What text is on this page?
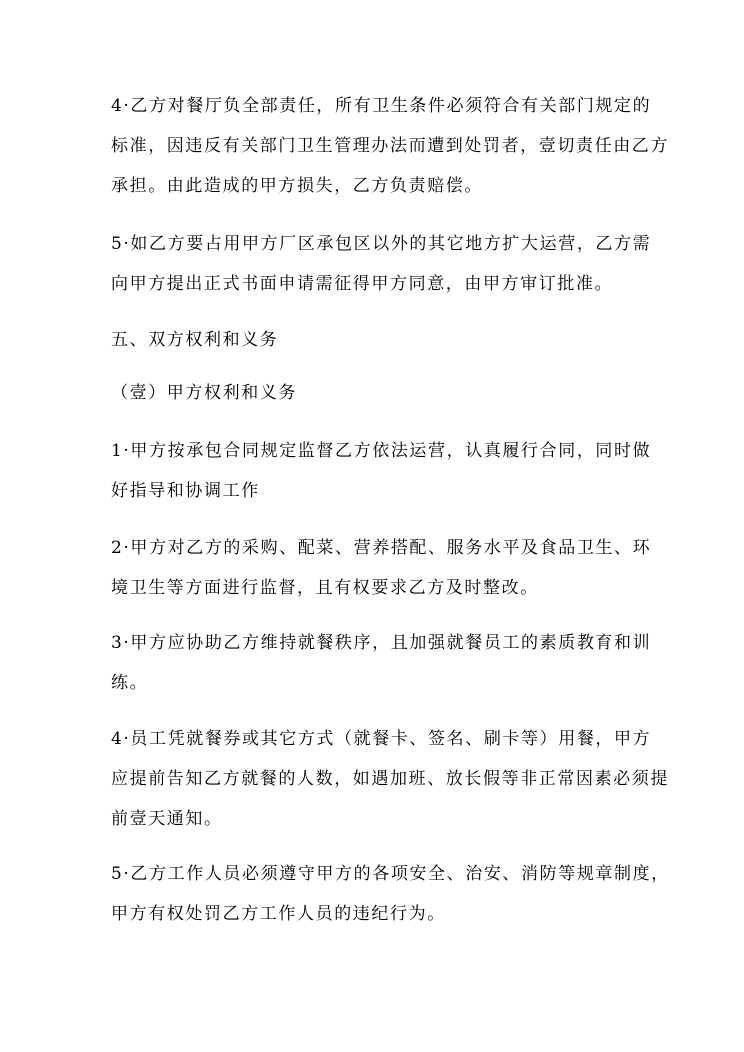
4·乙方对餐厅负全部责任，所有卫生条件必须符合有关部门规定的
标准，因违反有关部门卫生管理办法而遭到处罚者，壹切责任由乙方
承担。由此造成的甲方损失，乙方负责赔偿。
5·如乙方要占用甲方厂区承包区以外的其它地方扩大运营，乙方需
向甲方提出正式书面申请需征得甲方同意，由甲方审订批准。
五、双方权利和义务
（壹）甲方权利和义务
1·甲方按承包合同规定监督乙方依法运营，认真履行合同，同时做
好指导和协调工作
2·甲方对乙方的采购、配菜、营养搭配、服务水平及食品卫生、环
境卫生等方面进行监督，且有权要求乙方及时整改。
3·甲方应协助乙方维持就餐秩序，且加强就餐员工的素质教育和训
练。
4·员工凭就餐券或其它方式（就餐卡、签名、刷卡等）用餐，甲方
应提前告知乙方就餐的人数，如遇加班、放长假等非正常因素必须提
前壹天通知。
5·乙方工作人员必须遵守甲方的各项安全、治安、消防等规章制度，
甲方有权处罚乙方工作人员的违纪行为。
